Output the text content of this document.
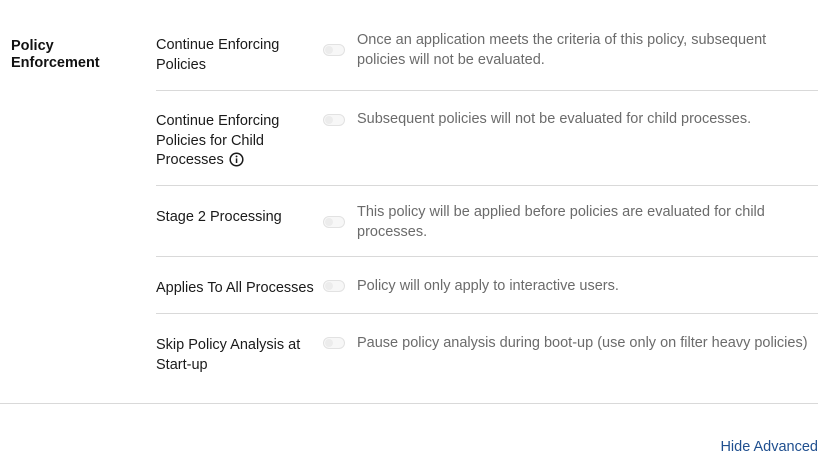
Policy Enforcement
Continue Enforcing Policies
Once an application meets the criteria of this policy, subsequent policies will not be evaluated.
Continue Enforcing Policies for Child Processes
Subsequent policies will not be evaluated for child processes.
Stage 2 Processing	This policy will be applied before policies are evaluated for child processes.
Applies To All Processes	Policy will only apply to interactive users.
Skip Policy Analysis at Start-up
Pause policy analysis during boot-up (use only on filter heavy policies)
Hide Advanced
